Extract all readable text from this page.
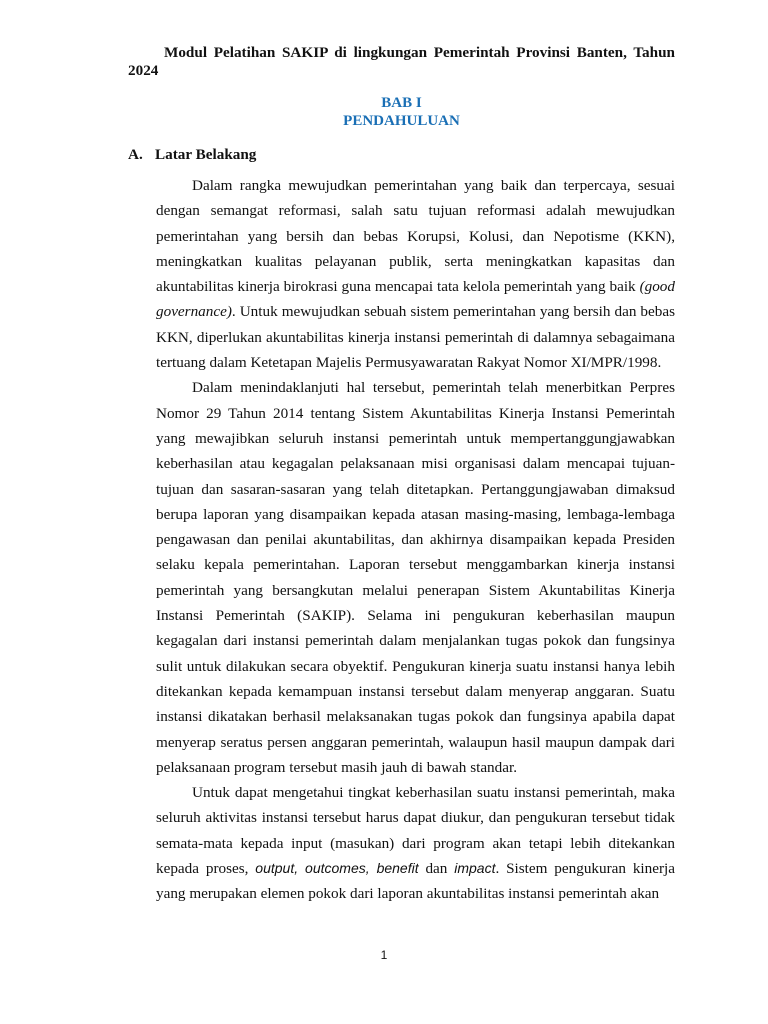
Modul Pelatihan SAKIP di lingkungan Pemerintah Provinsi Banten, Tahun 2024
BAB I
PENDAHULUAN
A. Latar Belakang

Dalam rangka mewujudkan pemerintahan yang baik dan terpercaya, sesuai dengan semangat reformasi, salah satu tujuan reformasi adalah mewujudkan pemerintahan yang bersih dan bebas Korupsi, Kolusi, dan Nepotisme (KKN), meningkatkan kualitas pelayanan publik, serta meningkatkan kapasitas dan akuntabilitas kinerja birokrasi guna mencapai tata kelola pemerintah yang baik (good governance). Untuk mewujudkan sebuah sistem pemerintahan yang bersih dan bebas KKN, diperlukan akuntabilitas kinerja instansi pemerintah di dalamnya sebagaimana tertuang dalam Ketetapan Majelis Permusyawaratan Rakyat Nomor XI/MPR/1998.

Dalam menindaklanjuti hal tersebut, pemerintah telah menerbitkan Perpres Nomor 29 Tahun 2014 tentang Sistem Akuntabilitas Kinerja Instansi Pemerintah yang mewajibkan seluruh instansi pemerintah untuk mempertanggungjawabkan keberhasilan atau kegagalan pelaksanaan misi organisasi dalam mencapai tujuan-tujuan dan sasaran-sasaran yang telah ditetapkan. Pertanggungjawaban dimaksud berupa laporan yang disampaikan kepada atasan masing-masing, lembaga-lembaga pengawasan dan penilai akuntabilitas, dan akhirnya disampaikan kepada Presiden selaku kepala pemerintahan. Laporan tersebut menggambarkan kinerja instansi pemerintah yang bersangkutan melalui penerapan Sistem Akuntabilitas Kinerja Instansi Pemerintah (SAKIP). Selama ini pengukuran keberhasilan maupun kegagalan dari instansi pemerintah dalam menjalankan tugas pokok dan fungsinya sulit untuk dilakukan secara obyektif. Pengukuran kinerja suatu instansi hanya lebih ditekankan kepada kemampuan instansi tersebut dalam menyerap anggaran. Suatu instansi dikatakan berhasil melaksanakan tugas pokok dan fungsinya apabila dapat menyerap seratus persen anggaran pemerintah, walaupun hasil maupun dampak dari pelaksanaan program tersebut masih jauh di bawah standar.

Untuk dapat mengetahui tingkat keberhasilan suatu instansi pemerintah, maka seluruh aktivitas instansi tersebut harus dapat diukur, dan pengukuran tersebut tidak semata-mata kepada input (masukan) dari program akan tetapi lebih ditekankan kepada proses, output, outcomes, benefit dan impact. Sistem pengukuran kinerja yang merupakan elemen pokok dari laporan akuntabilitas instansi pemerintah akan

1
